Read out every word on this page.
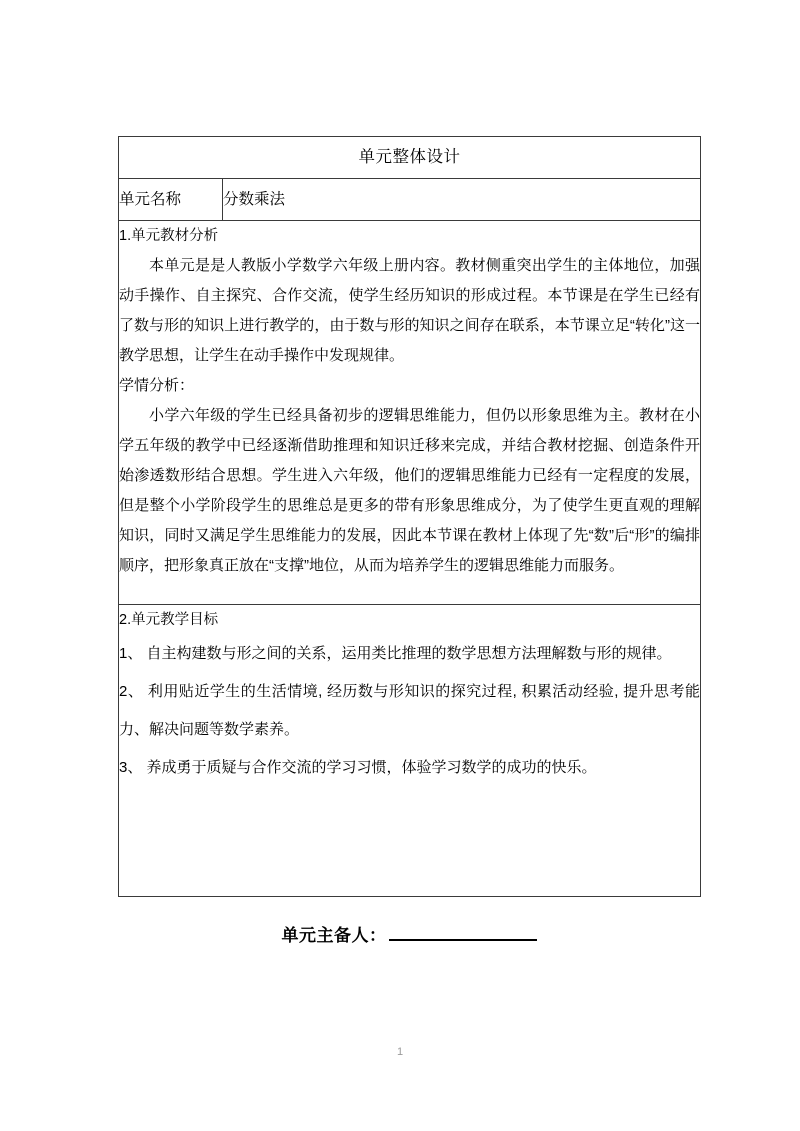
单元整体设计

单元名称	分数乘法

1.单元教材分析

本单元是是人教版小学数学六年级上册内容。教材侧重突出学生的主体地位，加强动手操作、自主探究、合作交流，使学生经历知识的形成过程。本节课是在学生已经有了数与形的知识上进行教学的，由于数与形的知识之间存在联系，本节课立足“转化”这一教学思想，让学生在动手操作中发现规律。

学情分析：

小学六年级的学生已经具备初步的逻辑思维能力，但仍以形象思维为主。教材在小学五年级的教学中已经逐渐借助推理和知识迁移来完成，并结合教材挖掘、创造条件开始渗透数形结合思想。学生进入六年级，他们的逻辑思维能力已经有一定程度的发展，但是整个小学阶段学生的思维总是更多的带有形象思维成分，为了使学生更直观的理解知识，同时又满足学生思维能力的发展，因此本节课在教材上体现了先“数”后“形”的编排顺序，把形象真正放在“支撑”地位，从而为培养学生的逻辑思维能力而服务。

2.单元教学目标

1、 自主构建数与形之间的关系，运用类比推理的数学思想方法理解数与形的规律。

2、 利用贴近学生的生活情境, 经历数与形知识的探究过程, 积累活动经验, 提升思考能力、解决问题等数学素养。

3、 养成勇于质疑与合作交流的学习习惯，体验学习数学的成功的快乐。

单元主备人：
1
